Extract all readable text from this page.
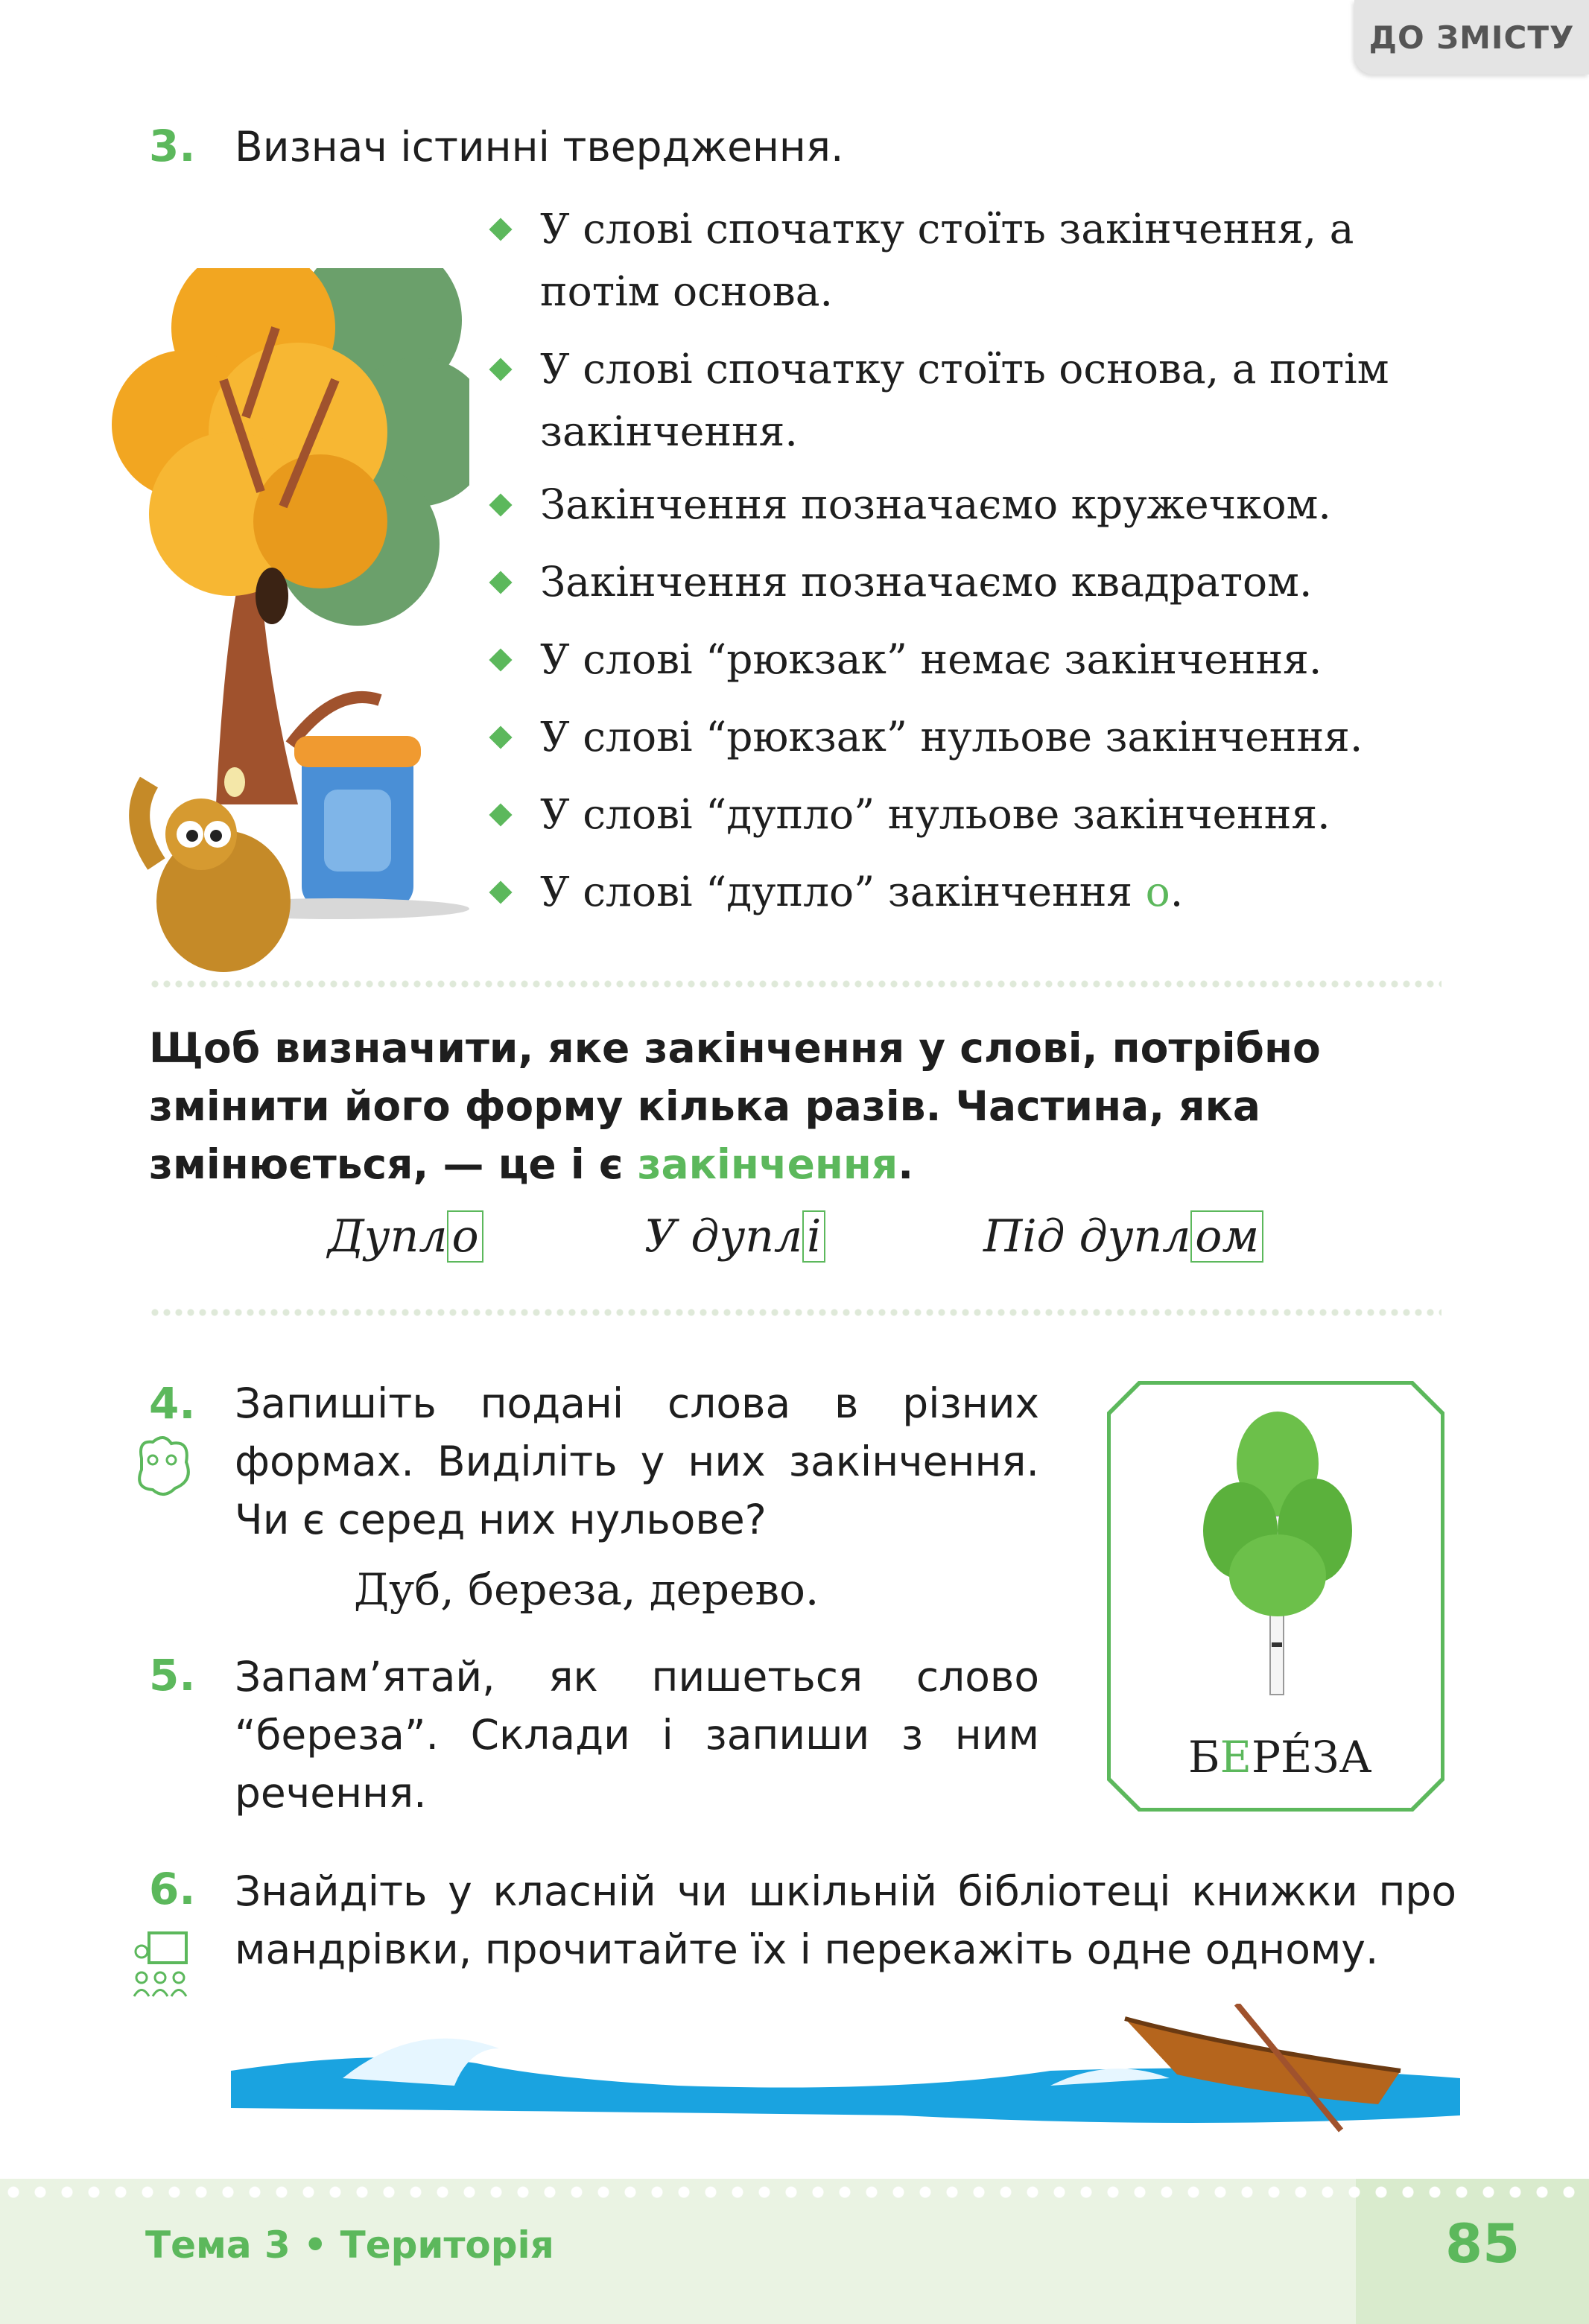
ДО ЗМІСТУ
3. Визнач істинні твердження.
У слові спочатку стоїть закінчення, а потім основа.
У слові спочатку стоїть основа, а потім закінчення.
Закінчення позначаємо кружечком.
Закінчення позначаємо квадратом.
У слові “рюкзак” немає закінчення.
У слові “рюкзак” нульове закінчення.
У слові “дупло” нульове закінчення.
У слові “дупло” закінчення о.
Щоб визначити, яке закінчення у слові, потрібно змінити його форму кілька разів. Частина, яка змінюється, — це і є закінчення.
Дупл о	У дупл і	Під дупл ом
4. Запишіть подані слова в різних формах. Виділіть у них закінчення. Чи є серед них нульове?
Дуб, береза, дерево.
5. Запам’ятай, як пишеться слово “береза”. Склади і запиши з ним речення.
БЕРÉЗА
6. Знайдіть у класній чи шкільній бібліотеці книжки про мандрівки, прочитайте їх і перекажіть одне одному.
Тема 3 • Територія	85
